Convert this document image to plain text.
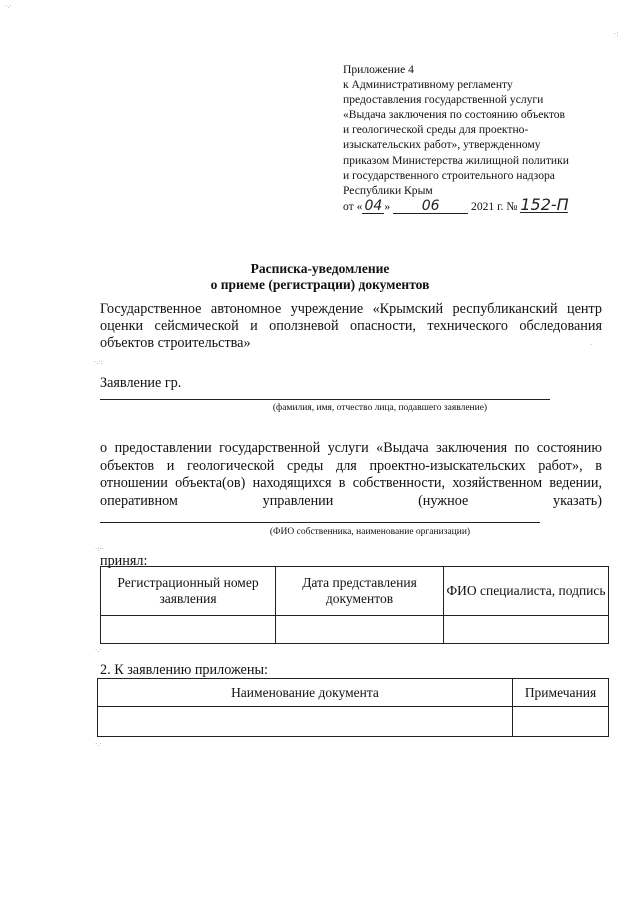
Приложение 4
к Административному регламенту
предоставления государственной услуги
«Выдача заключения по состоянию объектов
и геологической среды для проектно-
изыскательских работ», утвержденному
приказом Министерства жилищной политики
и государственного строительного надзора
Республики Крым
от « 04 » 06	2021 г. № 152-П
Расписка-уведомление
о приеме (регистрации) документов
Государственное автономное учреждение «Крымский республиканский центр оценки сейсмической и оползневой опасности, технического обследования объектов строительства»
Заявление гр.
(фамилия, имя, отчество лица, подавшего заявление)
о предоставлении государственной услуги «Выдача заключения по состоянию объектов и геологической среды для проектно-изыскательских работ», в отношении объекта(ов) находящихся в собственности, хозяйственном ведении, оперативном управлении (нужное указать)
(ФИО собственника, наименование организации)
принял:
Регистрационный номер заявления	Дата представления документов	ФИО специалиста, подпись

2. К заявлению приложены:
Наименование документа	Примечания

·.·
·:
·.·:
·
·:··
·.·
·.·
